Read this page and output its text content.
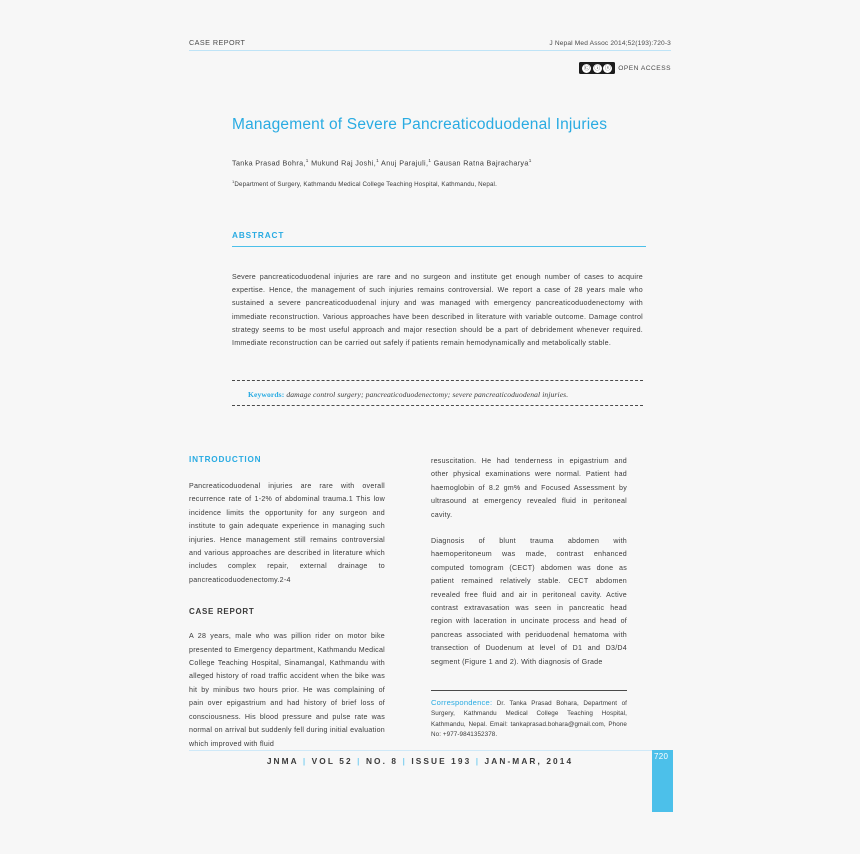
CASE REPORT	J Nepal Med Assoc 2014;52(193):720-3
Ⓒ ⓘ ⓢ OPEN ACCESS
Management of Severe Pancreaticoduodenal Injuries
Tanka Prasad Bohra,$^1$ Mukund Raj Joshi,$^1$ Anuj Parajuli,$^1$ Gausan Ratna Bajracharya$^1$
$^1$Department of Surgery, Kathmandu Medical College Teaching Hospital, Kathmandu, Nepal.
ABSTRACT
Severe pancreaticoduodenal injuries are rare and no surgeon and institute get enough number of cases to acquire expertise. Hence, the management of such injuries remains controversial. We report a case of 28 years male who sustained a severe pancreaticoduodenal injury and was managed with emergency pancreaticoduodenectomy with immediate reconstruction. Various approaches have been described in literature with variable outcome. Damage control strategy seems to be most useful approach and major resection should be a part of debridement whenever required. Immediate reconstruction can be carried out safely if patients remain hemodynamically and metabolically stable.
Keywords: damage control surgery; pancreaticoduodenectomy; severe pancreaticoduodenal injuries.
INTRODUCTION

Pancreaticoduodenal injuries are rare with overall recurrence rate of 1-2% of abdominal trauma.1 This low incidence limits the opportunity for any surgeon and institute to gain adequate experience in managing such injuries. Hence management still remains controversial and various approaches are described in literature which includes complex repair, external drainage to pancreaticoduodenectomy.2-4

CASE REPORT

A 28 years, male who was pillion rider on motor bike presented to Emergency department, Kathmandu Medical College Teaching Hospital, Sinamangal, Kathmandu with alleged history of road traffic accident when the bike was hit by minibus two hours prior. He was complaining of pain over epigastrium and had history of brief loss of consciousness. His blood pressure and pulse rate was normal on arrival but suddenly fell during initial evaluation which improved with fluid

resuscitation. He had tenderness in epigastrium and other physical examinations were normal. Patient had haemoglobin of 8.2 gm% and Focused Assessment by ultrasound at emergency revealed fluid in peritoneal cavity.

Diagnosis of blunt trauma abdomen with haemoperitoneum was made, contrast enhanced computed tomogram (CECT) abdomen was done as patient remained relatively stable. CECT abdomen revealed free fluid and air in peritoneal cavity. Active contrast extravasation was seen in pancreatic head region with laceration in uncinate process and head of pancreas associated with periduodenal hematoma with transection of Duodenum at level of D1 and D3/D4 segment (Figure 1 and 2). With diagnosis of Grade

Correspondence: Dr. Tanka Prasad Bohara, Department of Surgery, Kathmandu Medical College Teaching Hospital, Kathmandu, Nepal. Email: tankaprasad.bohara@gmail.com, Phone No: +977-9841352378.
JNMA | VOL 52 | NO. 8 | ISSUE 193 | JAN-MAR, 2014	720
